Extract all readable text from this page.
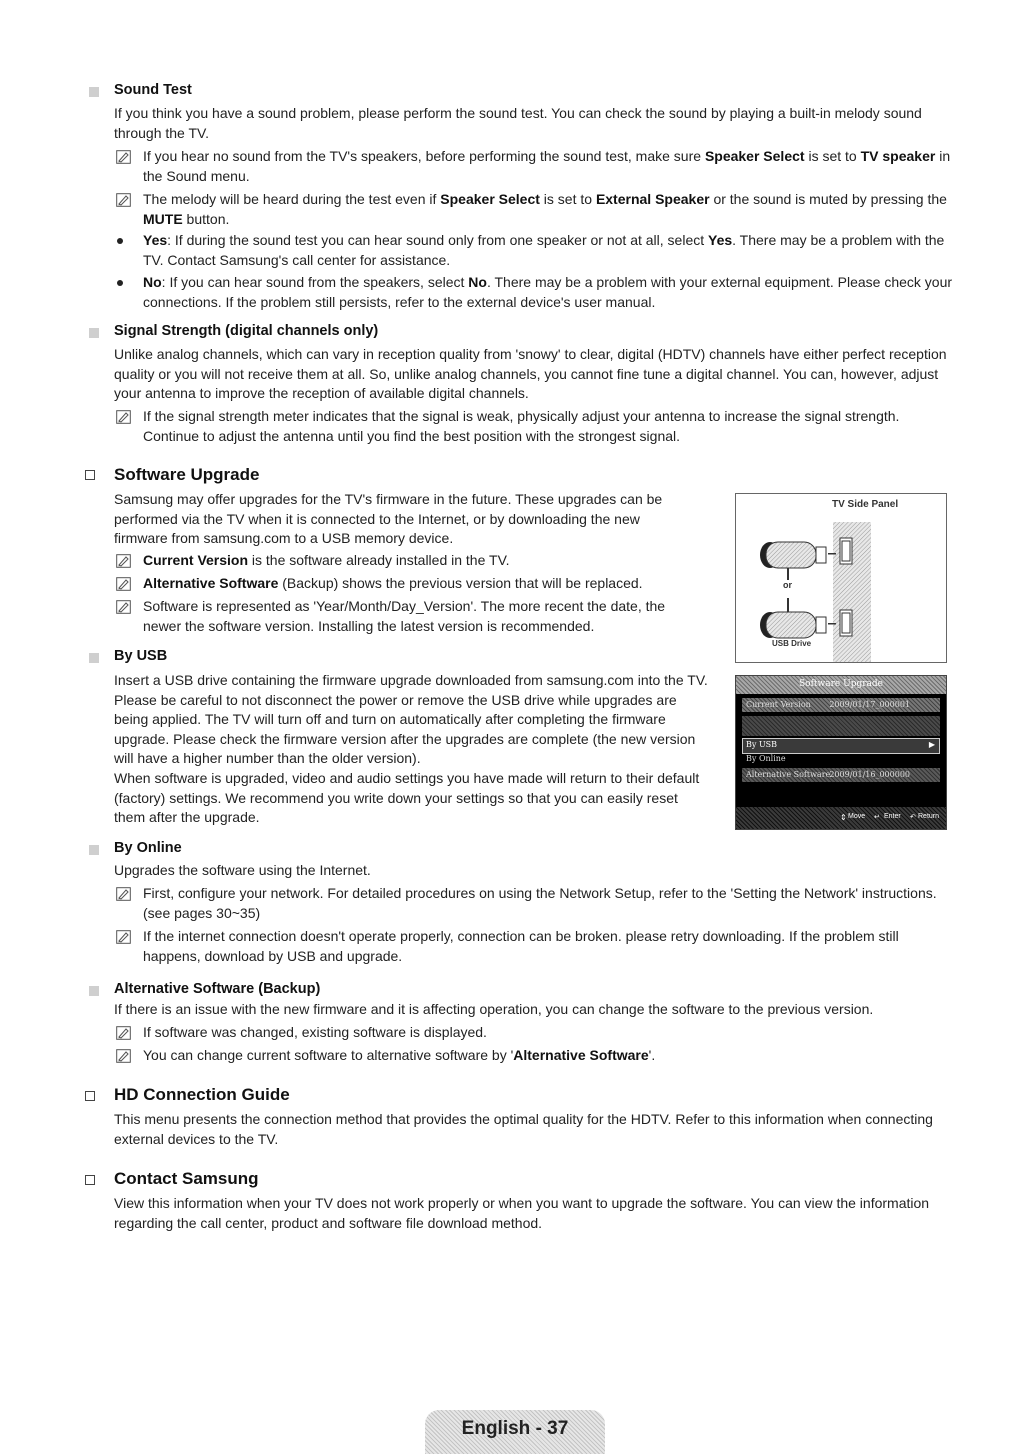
Sound Test
If you think you have a sound problem, please perform the sound test. You can check the sound by playing a built-in melody sound through the TV.
If you hear no sound from the TV's speakers, before performing the sound test, make sure Speaker Select is set to TV speaker in the Sound menu.
The melody will be heard during the test even if Speaker Select is set to External Speaker or the sound is muted by pressing the MUTE button.
Yes: If during the sound test you can hear sound only from one speaker or not at all, select Yes. There may be a problem with the TV. Contact Samsung's call center for assistance.
No: If you can hear sound from the speakers, select No. There may be a problem with your external equipment. Please check your connections. If the problem still persists, refer to the external device's user manual.
Signal Strength (digital channels only)
Unlike analog channels, which can vary in reception quality from 'snowy' to clear, digital (HDTV) channels have either perfect reception quality or you will not receive them at all. So, unlike analog channels, you cannot fine tune a digital channel. You can, however, adjust your antenna to improve the reception of available digital channels.
If the signal strength meter indicates that the signal is weak, physically adjust your antenna to increase the signal strength. Continue to adjust the antenna until you find the best position with the strongest signal.
Software Upgrade
Samsung may offer upgrades for the TV's firmware in the future. These upgrades can be performed via the TV when it is connected to the Internet, or by downloading the new firmware from samsung.com to a USB memory device.
Current Version is the software already installed in the TV.
Alternative Software (Backup) shows the previous version that will be replaced.
Software is represented as 'Year/Month/Day_Version'. The more recent the date, the newer the software version. Installing the latest version is recommended.
By USB
Insert a USB drive containing the firmware upgrade downloaded from samsung.com into the TV. Please be careful to not disconnect the power or remove the USB drive while upgrades are being applied. The TV will turn off and turn on automatically after completing the firmware upgrade. Please check the firmware version after the upgrades are complete (the new version will have a higher number than the older version).
When software is upgraded, video and audio settings you have made will return to their default (factory) settings. We recommend you write down your settings so that you can easily reset them after the upgrade.
TV Side Panel
or
USB Drive
Software Upgrade
Current Version 2009/01/17_000001
By USB	▶
By Online
Alternative Software 2009/01/16_000000
⇕ Move ↵ Enter ↶ Return
By Online
Upgrades the software using the Internet.
First, configure your network. For detailed procedures on using the Network Setup, refer to the 'Setting the Network' instructions. (see pages 30~35)
If the internet connection doesn't operate properly, connection can be broken. please retry downloading. If the problem still happens, download by USB and upgrade.
Alternative Software (Backup)
If there is an issue with the new firmware and it is affecting operation, you can change the software to the previous version.
If software was changed, existing software is displayed.
You can change current software to alternative software by 'Alternative Software'.
HD Connection Guide
This menu presents the connection method that provides the optimal quality for the HDTV. Refer to this information when connecting external devices to the TV.
Contact Samsung
View this information when your TV does not work properly or when you want to upgrade the software. You can view the information regarding the call center, product and software file download method.
English - 37
